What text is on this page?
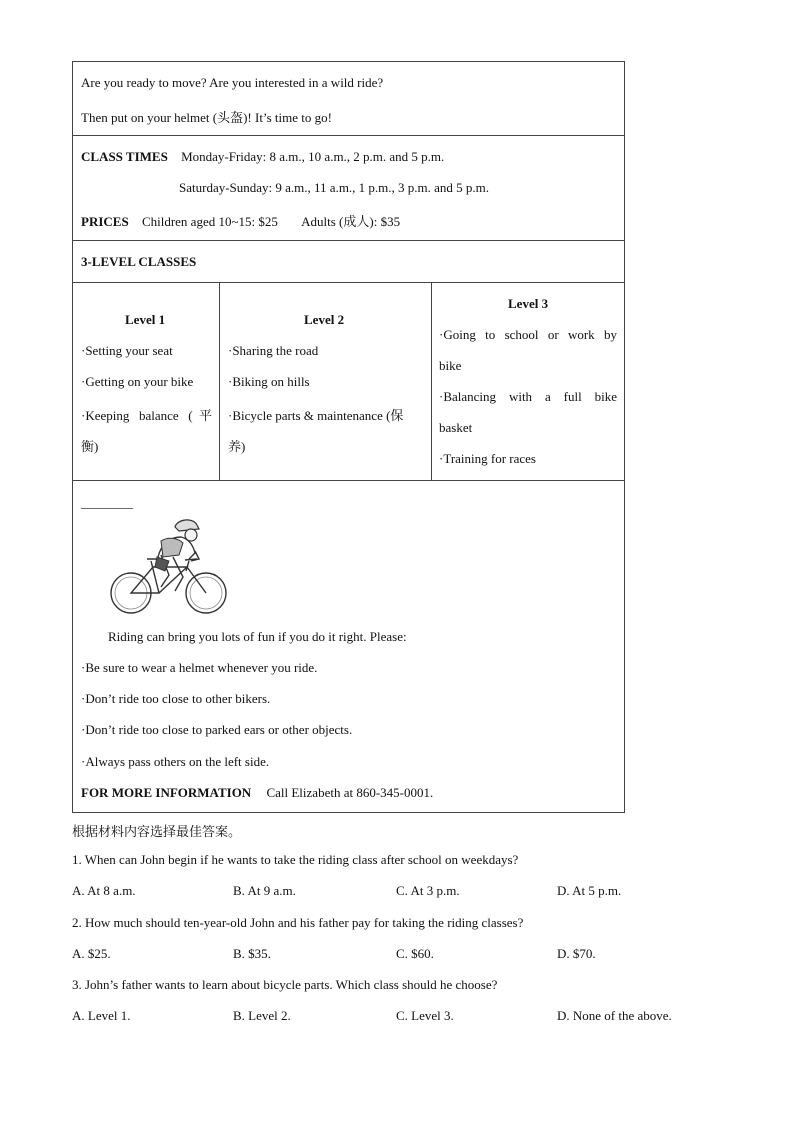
Are you ready to move? Are you interested in a wild ride?
Then put on your helmet (头盔)! It’s time to go!
CLASS TIMES Monday-Friday: 8 a.m., 10 a.m., 2 p.m. and 5 p.m.
Saturday-Sunday: 9 a.m., 11 a.m., 1 p.m., 3 p.m. and 5 p.m.
PRICES Children aged 10~15: $25 Adults (成人): $35
3-LEVEL CLASSES
Level 1
·Setting your seat
·Getting on your bike
·Keeping balance (平
衡)
Level 2
·Sharing the road
·Biking on hills
·Bicycle parts & maintenance (保
养)
Level 3
·Going to school or work by
bike
·Balancing with a full bike
basket
·Training for races
________
Riding can bring you lots of fun if you do it right. Please:
·Be sure to wear a helmet whenever you ride.
·Don’t ride too close to other bikers.
·Don’t ride too close to parked ears or other objects.
·Always pass others on the left side.
FOR MORE INFORMATION Call Elizabeth at 860-345-0001.
根据材料内容选择最佳答案。
1. When can John begin if he wants to take the riding class after school on weekdays?
A. At 8 a.m.	B. At 9 a.m.	C. At 3 p.m.	D. At 5 p.m.
2. How much should ten-year-old John and his father pay for taking the riding classes?
A. $25.	B. $35.	C. $60.	D. $70.
3. John’s father wants to learn about bicycle parts. Which class should he choose?
A. Level 1.	B. Level 2.	C. Level 3.	D. None of the above.
